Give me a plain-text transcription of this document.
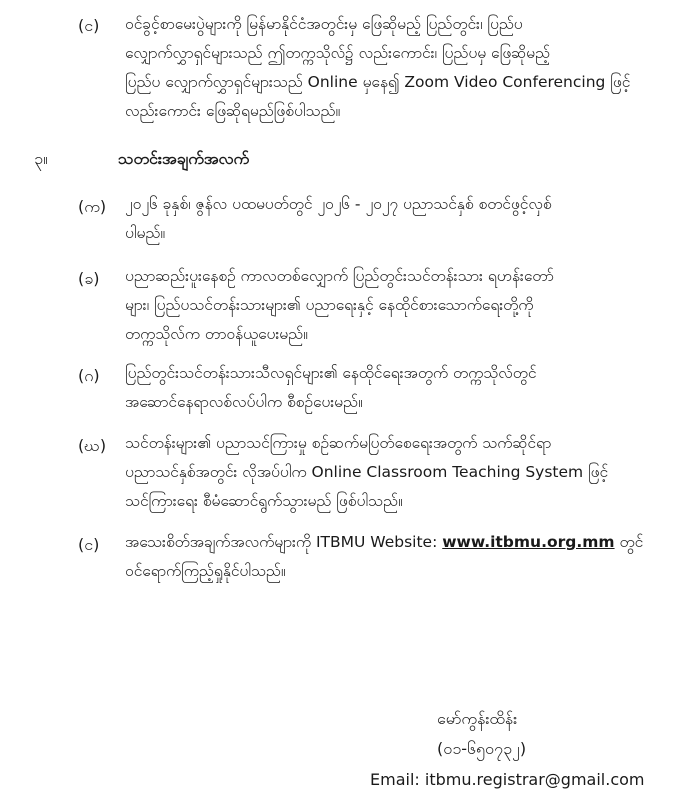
(င) ဝင်ခွင့်စာမေးပွဲများကို မြန်မာနိုင်ငံအတွင်းမှ ဖြေဆိုမည့် ပြည်တွင်း၊ ပြည်ပ
လျှောက်လွှာရှင်များသည် ဤတက္ကသိုလ်၌ လည်းကောင်း၊ ပြည်ပမှ ဖြေဆိုမည့်
ပြည်ပ လျှောက်လွှာရှင်များသည် Online မှနေ၍ Zoom Video Conferencing ဖြင့်
လည်းကောင်း ဖြေဆိုရမည်ဖြစ်ပါသည်။
၃။	သတင်းအချက်အလက်
(က) ၂၀၂၆ ခုနှစ်၊ ဇွန်လ ပထမပတ်တွင် ၂၀၂၆ - ၂၀၂၇ ပညာသင်နှစ် စတင်ဖွင့်လှစ်
ပါမည်။
(ခ) ပညာဆည်းပူးနေစဉ် ကာလတစ်လျှောက် ပြည်တွင်းသင်တန်းသား ရဟန်းတော်
များ၊ ပြည်ပသင်တန်းသားများ၏ ပညာရေးနှင့် နေထိုင်စားသောက်ရေးတို့ကို
တက္ကသိုလ်က တာဝန်ယူပေးမည်။
(ဂ) ပြည်တွင်းသင်တန်းသားသီလရှင်များ၏ နေထိုင်ရေးအတွက် တက္ကသိုလ်တွင်
အဆောင်နေရာလစ်လပ်ပါက စီစဉ်ပေးမည်။
(ဃ) သင်တန်းများ၏ ပညာသင်ကြားမှု စဉ်ဆက်မပြတ်စေရေးအတွက် သက်ဆိုင်ရာ
ပညာသင်နှစ်အတွင်း လိုအပ်ပါက Online Classroom Teaching System ဖြင့်
သင်ကြားရေး စီမံဆောင်ရွက်သွားမည် ဖြစ်ပါသည်။
(င) အသေးစိတ်အချက်အလက်များကို ITBMU Website: www.itbmu.org.mm တွင်
ဝင်ရောက်ကြည့်ရှုနိုင်ပါသည်။
မော်ကွန်းထိန်း
(၀၁-၆၅၀၇၃၂)
Email: itbmu.registrar@gmail.com
